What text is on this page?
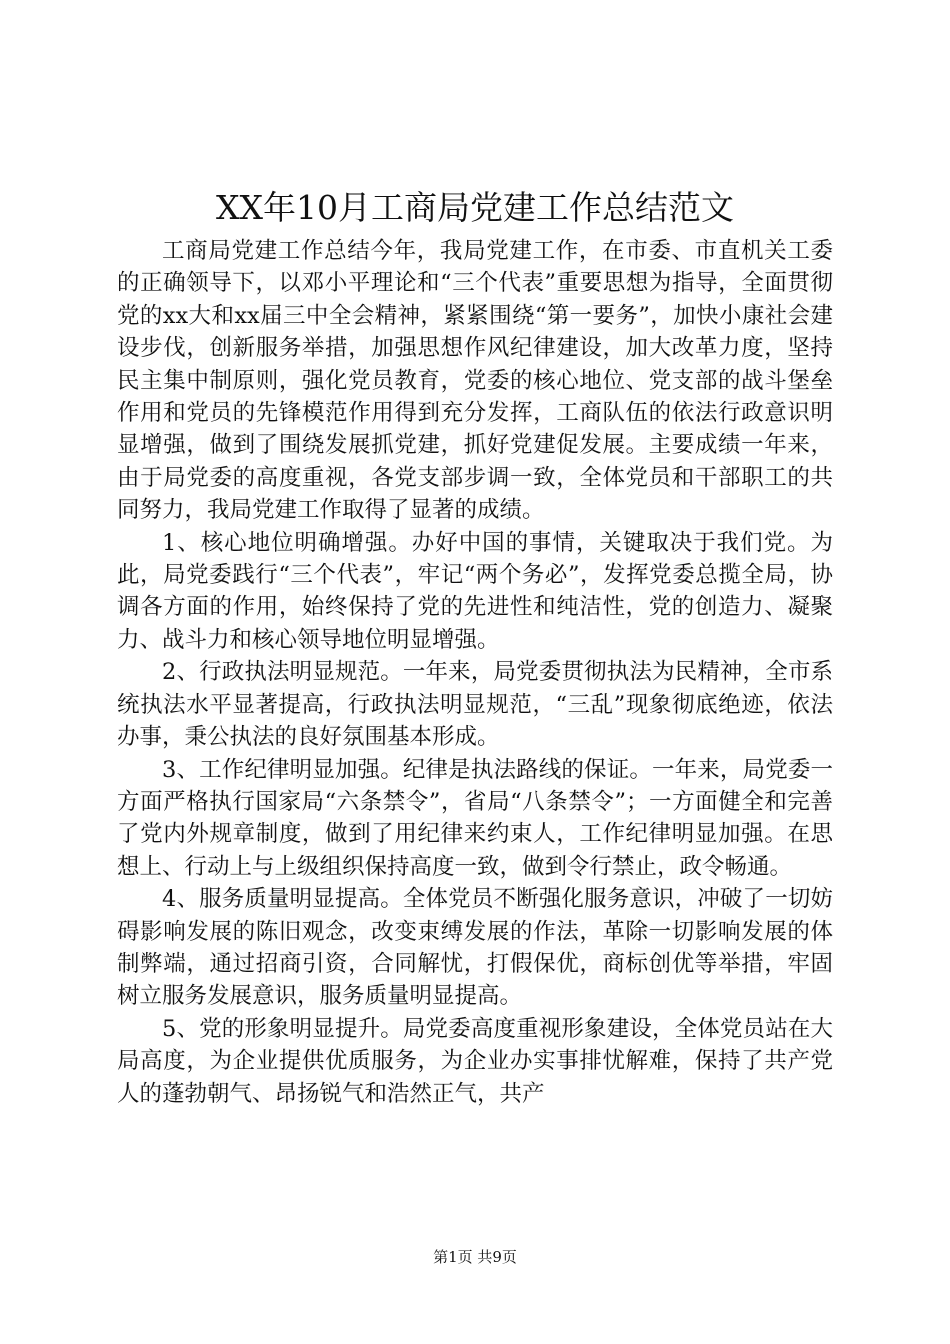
XX年10月工商局党建工作总结范文

工商局党建工作总结今年，我局党建工作，在市委、市直机关工委的正确领导下，以邓小平理论和“三个代表”重要思想为指导，全面贯彻党的xx大和xx届三中全会精神，紧紧围绕“第一要务”，加快小康社会建设步伐，创新服务举措，加强思想作风纪律建设，加大改革力度，坚持民主集中制原则，强化党员教育，党委的核心地位、党支部的战斗堡垒作用和党员的先锋模范作用得到充分发挥，工商队伍的依法行政意识明显增强，做到了围绕发展抓党建，抓好党建促发展。主要成绩一年来，由于局党委的高度重视，各党支部步调一致，全体党员和干部职工的共同努力，我局党建工作取得了显著的成绩。

1、核心地位明确增强。办好中国的事情，关键取决于我们党。为此，局党委践行“三个代表”，牢记“两个务必”，发挥党委总揽全局，协调各方面的作用，始终保持了党的先进性和纯洁性，党的创造力、凝聚力、战斗力和核心领导地位明显增强。

2、行政执法明显规范。一年来，局党委贯彻执法为民精神，全市系统执法水平显著提高，行政执法明显规范，“三乱”现象彻底绝迹，依法办事，秉公执法的良好氛围基本形成。

3、工作纪律明显加强。纪律是执法路线的保证。一年来，局党委一方面严格执行国家局“六条禁令”，省局“八条禁令”；一方面健全和完善了党内外规章制度，做到了用纪律来约束人，工作纪律明显加强。在思想上、行动上与上级组织保持高度一致，做到令行禁止，政令畅通。

4、服务质量明显提高。全体党员不断强化服务意识，冲破了一切妨碍影响发展的陈旧观念，改变束缚发展的作法，革除一切影响发展的体制弊端，通过招商引资，合同解忧，打假保优，商标创优等举措，牢固树立服务发展意识，服务质量明显提高。

5、党的形象明显提升。局党委高度重视形象建设，全体党员站在大局高度，为企业提供优质服务，为企业办实事排忧解难，保持了共产党人的蓬勃朝气、昂扬锐气和浩然正气，共产

第1页 共9页
